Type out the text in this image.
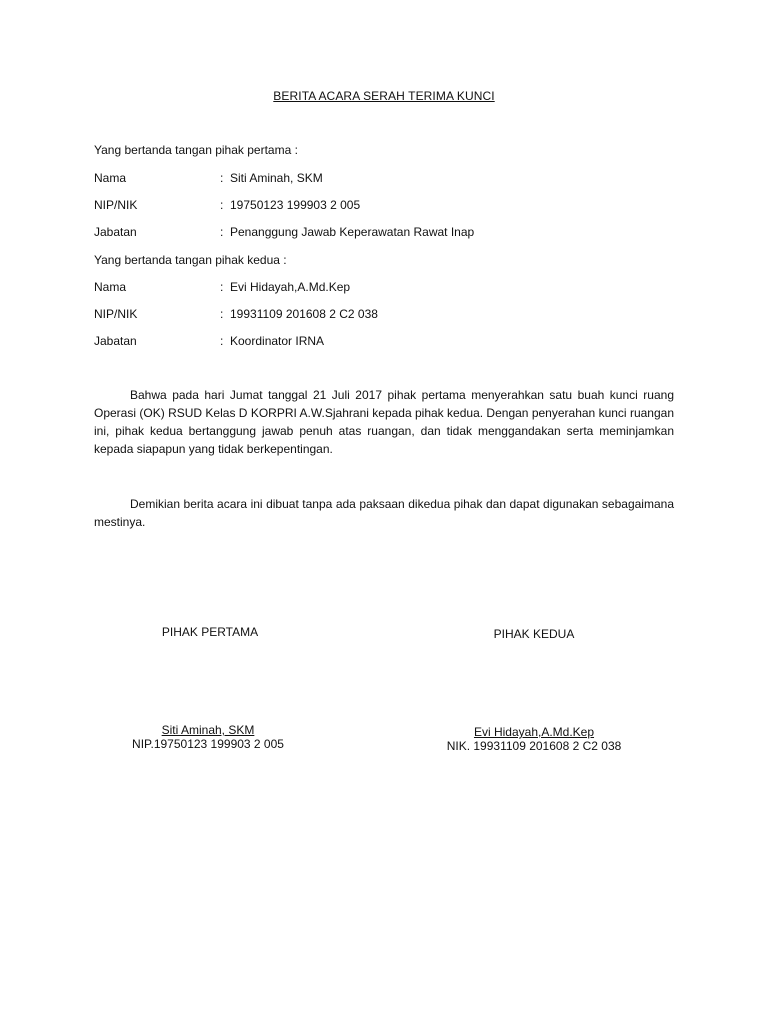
BERITA ACARA SERAH TERIMA KUNCI
Yang bertanda tangan pihak pertama :
Nama	: Siti Aminah, SKM
NIP/NIK	: 19750123 199903 2 005
Jabatan	: Penanggung Jawab Keperawatan Rawat Inap
Yang bertanda tangan pihak kedua :
Nama	: Evi Hidayah,A.Md.Kep
NIP/NIK	: 19931109 201608 2 C2 038
Jabatan	: Koordinator IRNA
Bahwa pada hari Jumat tanggal 21 Juli 2017 pihak pertama menyerahkan satu buah kunci ruang Operasi (OK) RSUD Kelas D KORPRI A.W.Sjahrani kepada pihak kedua. Dengan penyerahan kunci ruangan ini, pihak kedua bertanggung jawab penuh atas ruangan, dan tidak menggandakan serta meminjamkan kepada siapapun yang tidak berkepentingan.
Demikian berita acara ini dibuat tanpa ada paksaan dikedua pihak dan dapat digunakan sebagaimana mestinya.
PIHAK PERTAMA	PIHAK KEDUA
Siti Aminah, SKM
NIP.19750123 199903 2 005
Evi Hidayah,A.Md.Kep
NIK. 19931109 201608 2 C2 038
